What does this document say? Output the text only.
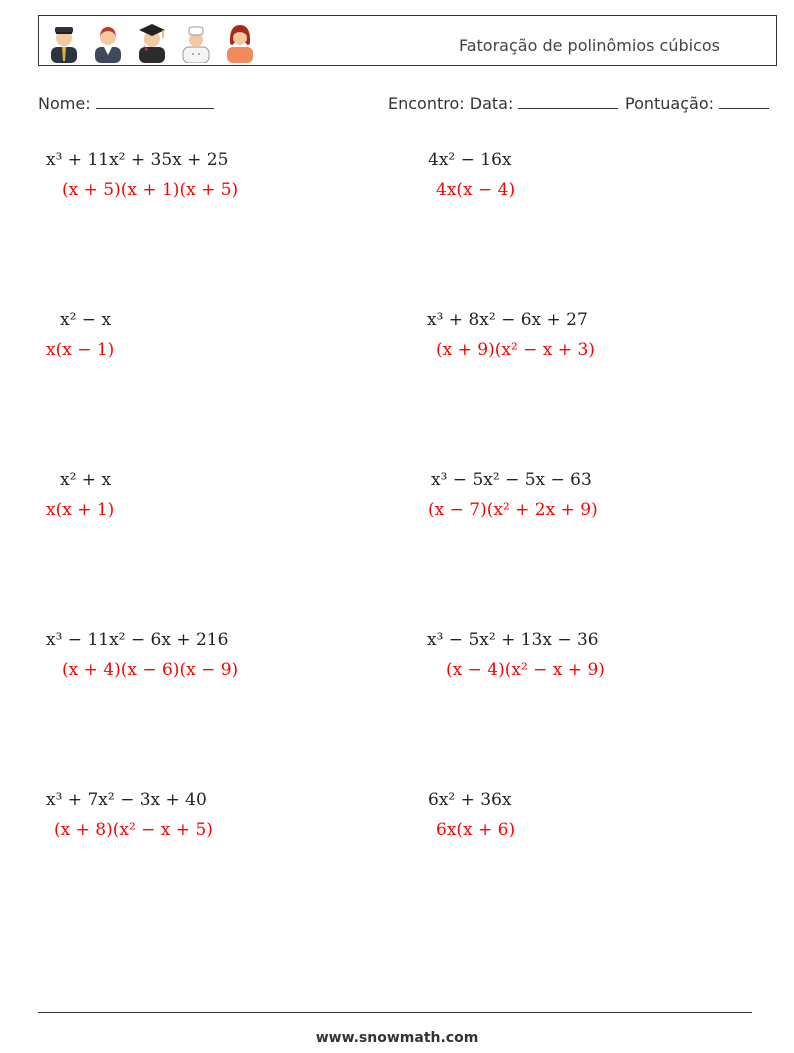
Fatoração de polinômios cúbicos
Nome:	Encontro: Data:	Pontuação:
x³ + 11x² + 35x + 25
(x + 5)(x + 1)(x + 5)
4x² − 16x
4x(x − 4)
x² − x
x(x − 1)
x³ + 8x² − 6x + 27
(x + 9)(x² − x + 3)
x² + x
x(x + 1)
x³ − 5x² − 5x − 63
(x − 7)(x² + 2x + 9)
x³ − 11x² − 6x + 216
(x + 4)(x − 6)(x − 9)
x³ − 5x² + 13x − 36
(x − 4)(x² − x + 9)
x³ + 7x² − 3x + 40
(x + 8)(x² − x + 5)
6x² + 36x
6x(x + 6)
www.snowmath.com
